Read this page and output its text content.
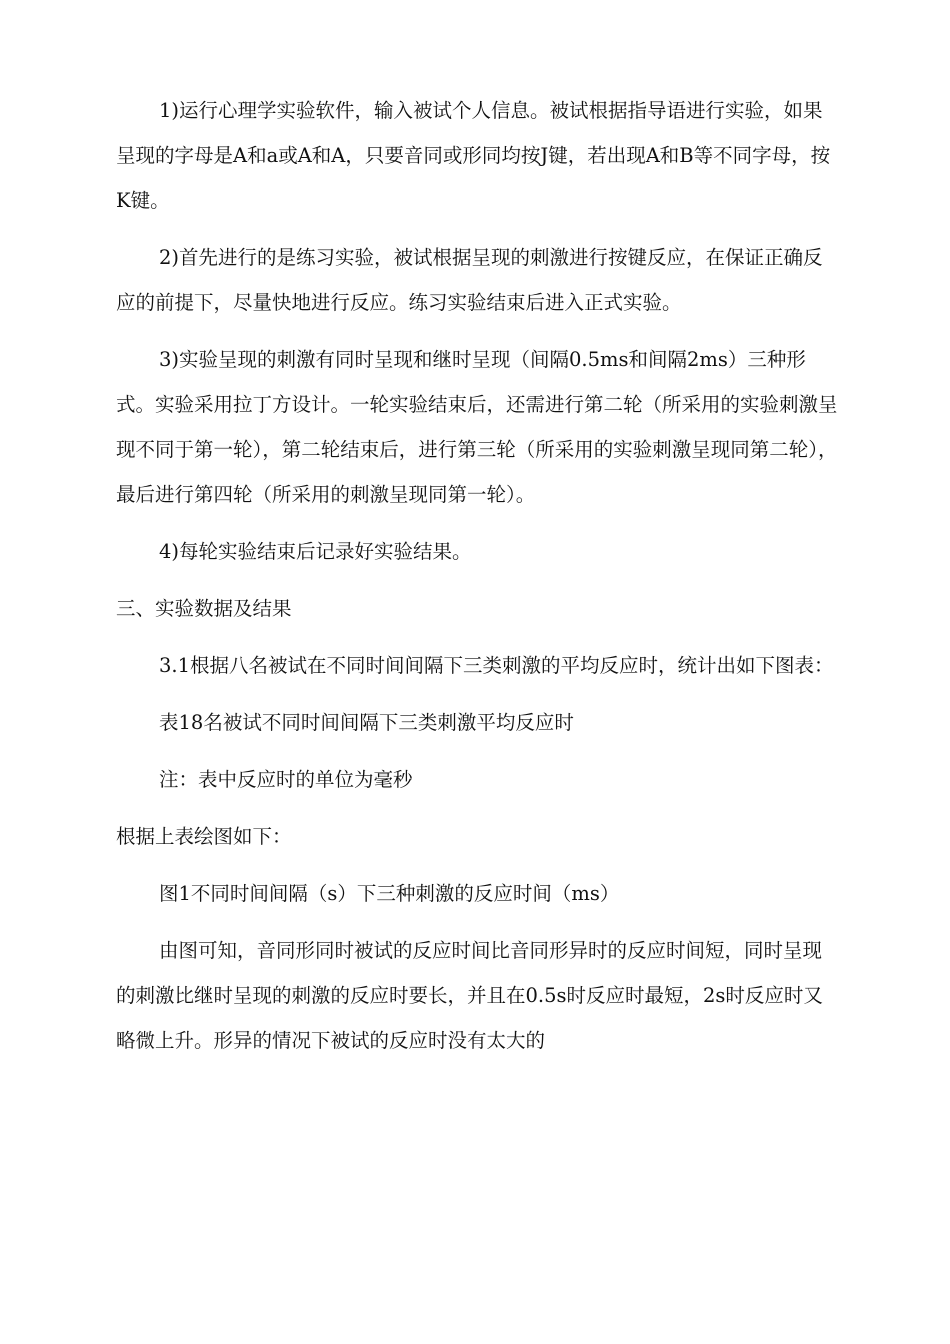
1)运行心理学实验软件，输入被试个人信息。被试根据指导语进行实验，如果呈现的字母是A和a或A和A，只要音同或形同均按J键，若出现A和B等不同字母，按K键。

2)首先进行的是练习实验，被试根据呈现的刺激进行按键反应，在保证正确反应的前提下，尽量快地进行反应。练习实验结束后进入正式实验。

3)实验呈现的刺激有同时呈现和继时呈现（间隔0.5ms和间隔2ms）三种形式。实验采用拉丁方设计。一轮实验结束后，还需进行第二轮（所采用的实验刺激呈现不同于第一轮），第二轮结束后，进行第三轮（所采用的实验刺激呈现同第二轮），最后进行第四轮（所采用的刺激呈现同第一轮）。

4)每轮实验结束后记录好实验结果。

三、实验数据及结果

3.1根据八名被试在不同时间间隔下三类刺激的平均反应时，统计出如下图表：

表18名被试不同时间间隔下三类刺激平均反应时

注：表中反应时的单位为毫秒

根据上表绘图如下：

图1不同时间间隔（s）下三种刺激的反应时间（ms）

由图可知，音同形同时被试的反应时间比音同形异时的反应时间短，同时呈现的刺激比继时呈现的刺激的反应时要长，并且在0.5s时反应时最短，2s时反应时又略微上升。形异的情况下被试的反应时没有太大的
